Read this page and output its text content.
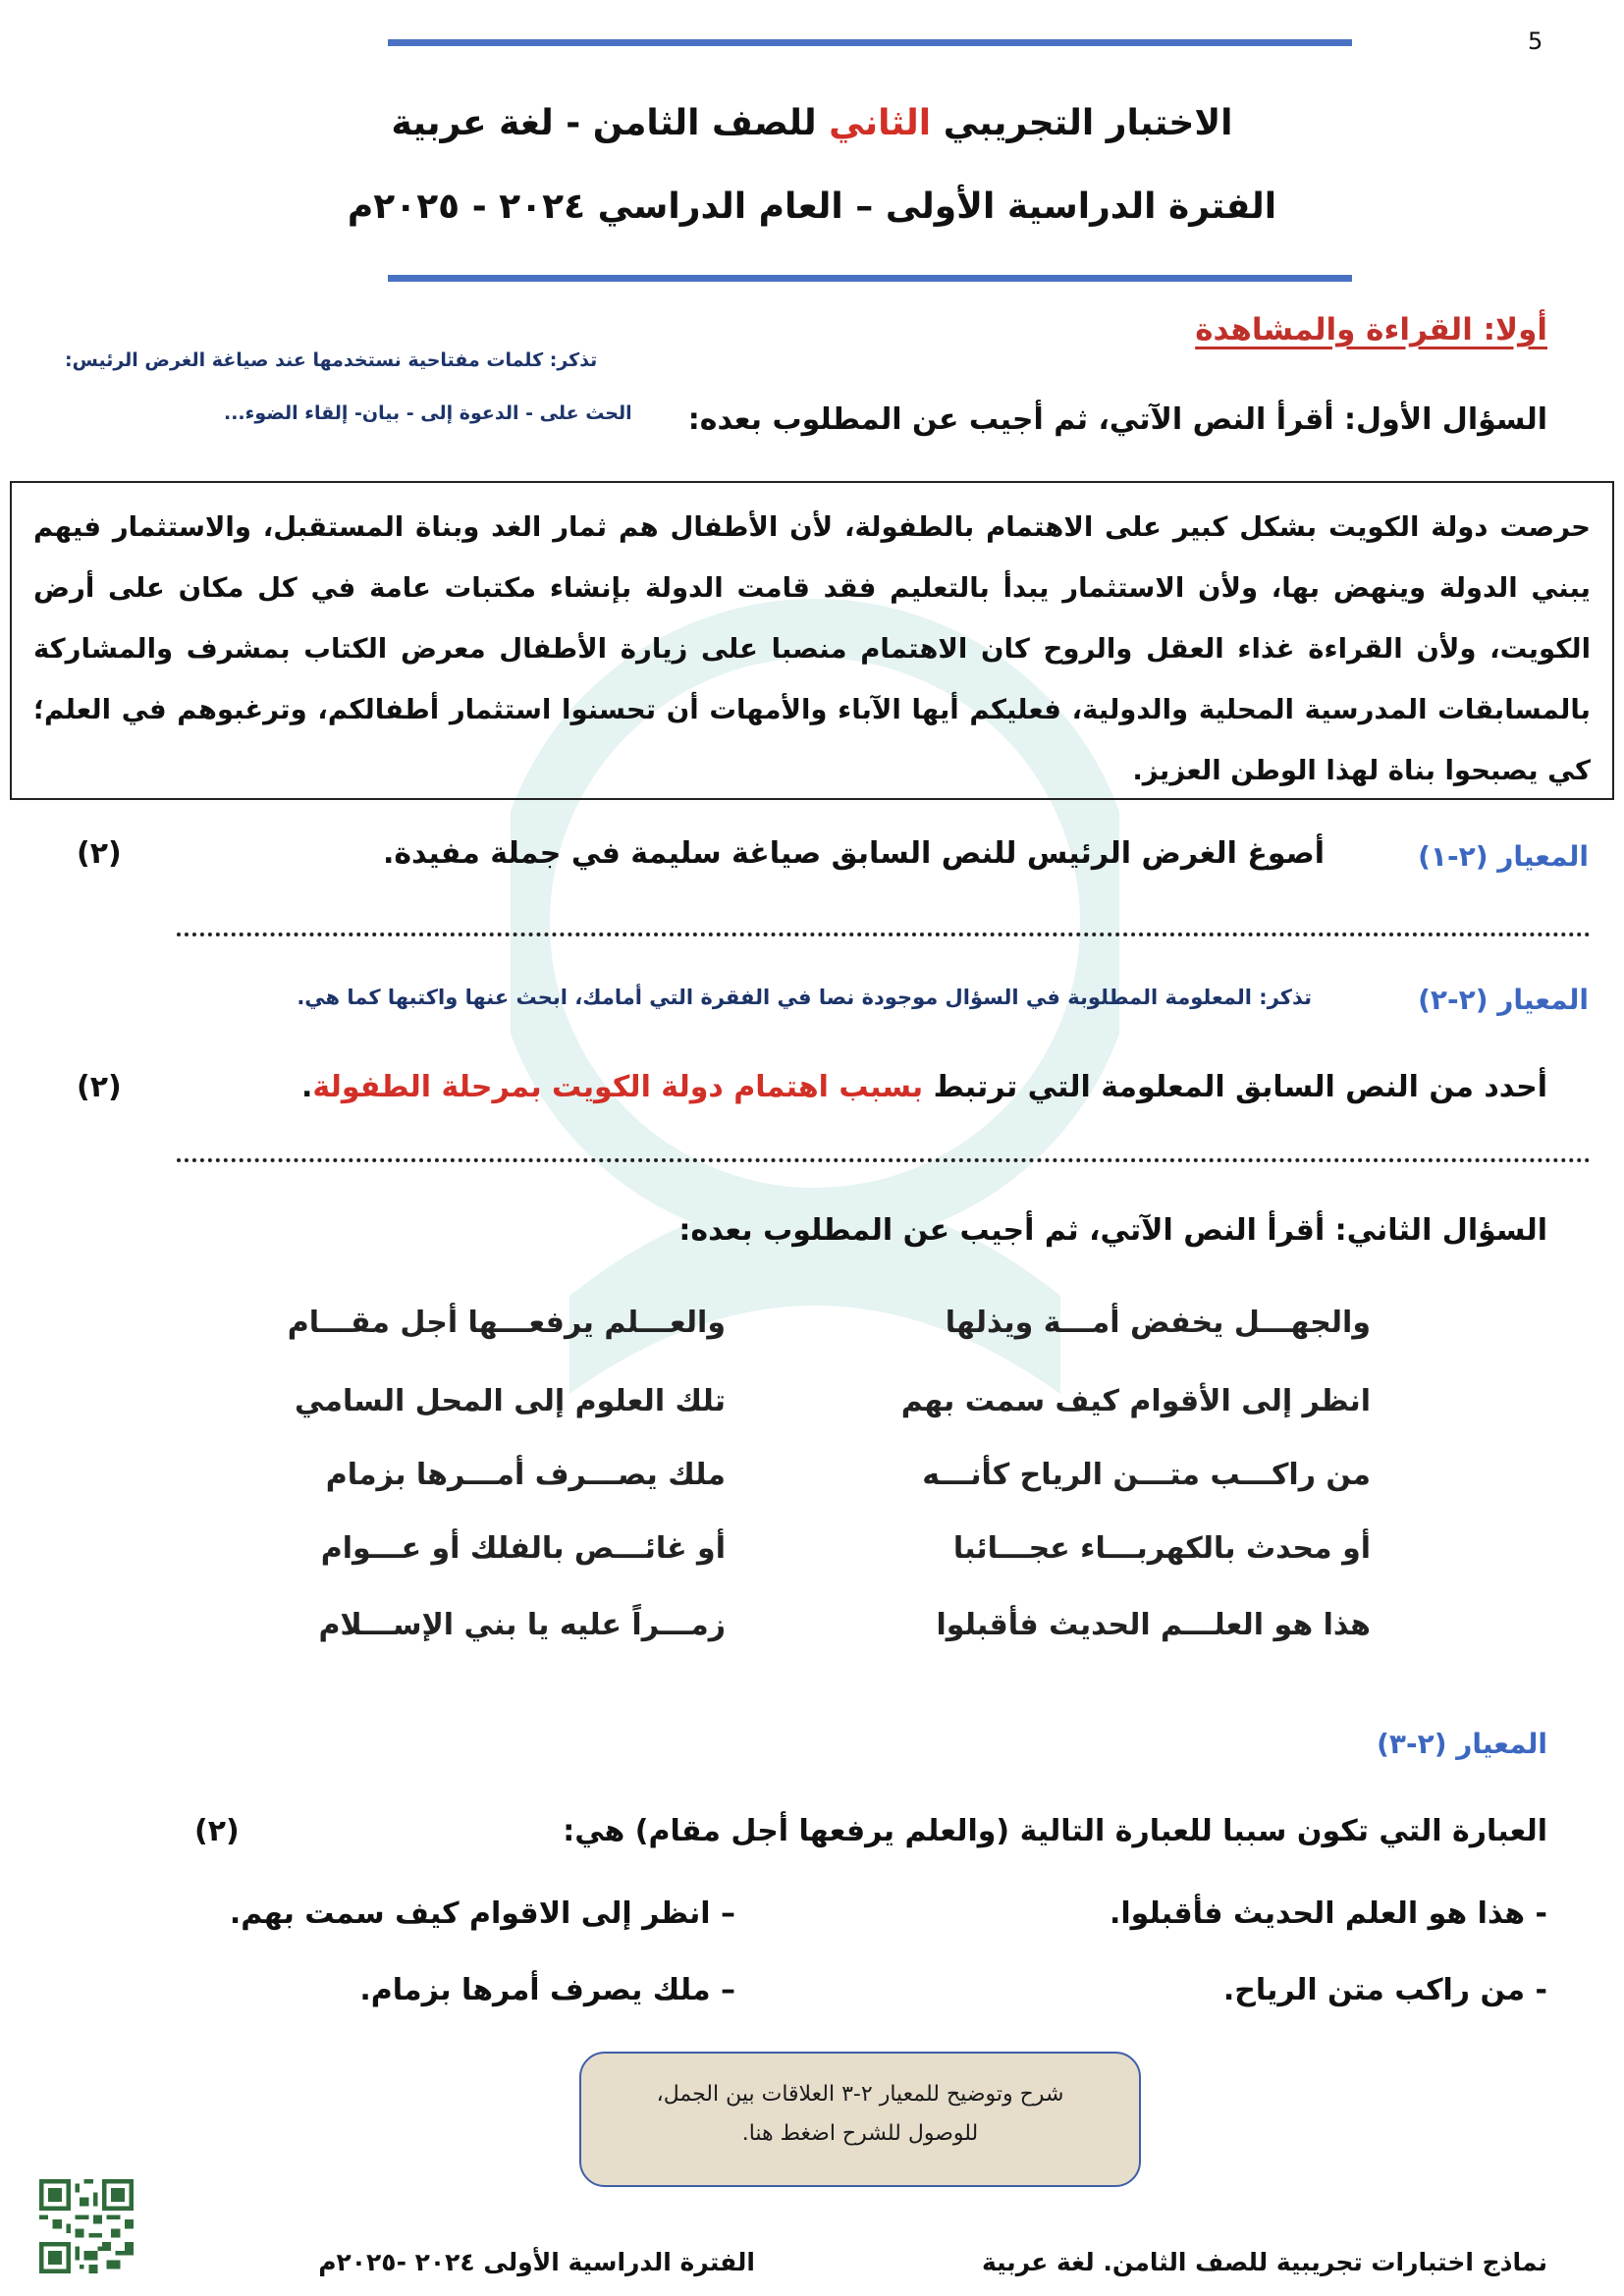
5
الاختبار التجريبي الثاني للصف الثامن - لغة عربية
الفترة الدراسية الأولى – العام الدراسي ٢٠٢٤ - ٢٠٢٥م
أولا: القراءة والمشاهدة
تذكر: كلمات مفتاحية نستخدمها عند صياغة الغرض الرئيس:
الحث على - الدعوة إلى - بيان- إلقاء الضوء... السؤال الأول: أقرأ النص الآتي، ثم أجيب عن المطلوب بعده:
حرصت دولة الكويت بشكل كبير على الاهتمام بالطفولة، لأن الأطفال هم ثمار الغد وبناة المستقبل، والاستثمار فيهم يبني الدولة وينهض بها، ولأن الاستثمار يبدأ بالتعليم فقد قامت الدولة بإنشاء مكتبات عامة في كل مكان على أرض الكويت، ولأن القراءة غذاء العقل والروح كان الاهتمام منصبا على زيارة الأطفال معرض الكتاب بمشرف والمشاركة بالمسابقات المدرسية المحلية والدولية، فعليكم أيها الآباء والأمهات أن تحسنوا استثمار أطفالكم، وترغبوهم في العلم؛ كي يصبحوا بناة لهذا الوطن العزيز.
المعيار (٢-١)
أصوغ الغرض الرئيس للنص السابق صياغة سليمة في جملة مفيدة.
(٢)
المعيار (٢-٢)
تذكر: المعلومة المطلوبة في السؤال موجودة نصا في الفقرة التي أمامك، ابحث عنها واكتبها كما هي.
أحدد من النص السابق المعلومة التي ترتبط بسبب اهتمام دولة الكويت بمرحلة الطفولة.
(٢)
السؤال الثاني: أقرأ النص الآتي، ثم أجيب عن المطلوب بعده:
والجهـــل يخفض أمـــة ويذلها
والعـــلم يرفعـــها أجل مقـــام
انظر إلى الأقوام كيف سمت بهم
تلك العلوم إلى المحل السامي
من راكـــب متـــن الرياح كأنـــه
ملك يصـــرف أمـــرها بزمام
أو محدث بالكهربـــاء عجـــائبا
أو غائـــص بالفلك أو عـــوام
هذا هو العلـــم الحديث فأقبلوا
زمـــراً عليه يا بني الإســـلام
المعيار (٢-٣)
العبارة التي تكون سببا للعبارة التالية (والعلم يرفعها أجل مقام) هي:
(٢)
- هذا هو العلم الحديث فأقبلوا.
– انظر إلى الاقوام كيف سمت بهم.
- من راكب متن الرياح.
– ملك يصرف أمرها بزمام.
شرح وتوضيح للمعيار ٢-٣ العلاقات بين الجمل،
للوصول للشرح اضغط هنا.
نماذج اختبارات تجريبية للصف الثامن. لغة عربية
الفترة الدراسية الأولى ٢٠٢٤ -٢٠٢٥م
